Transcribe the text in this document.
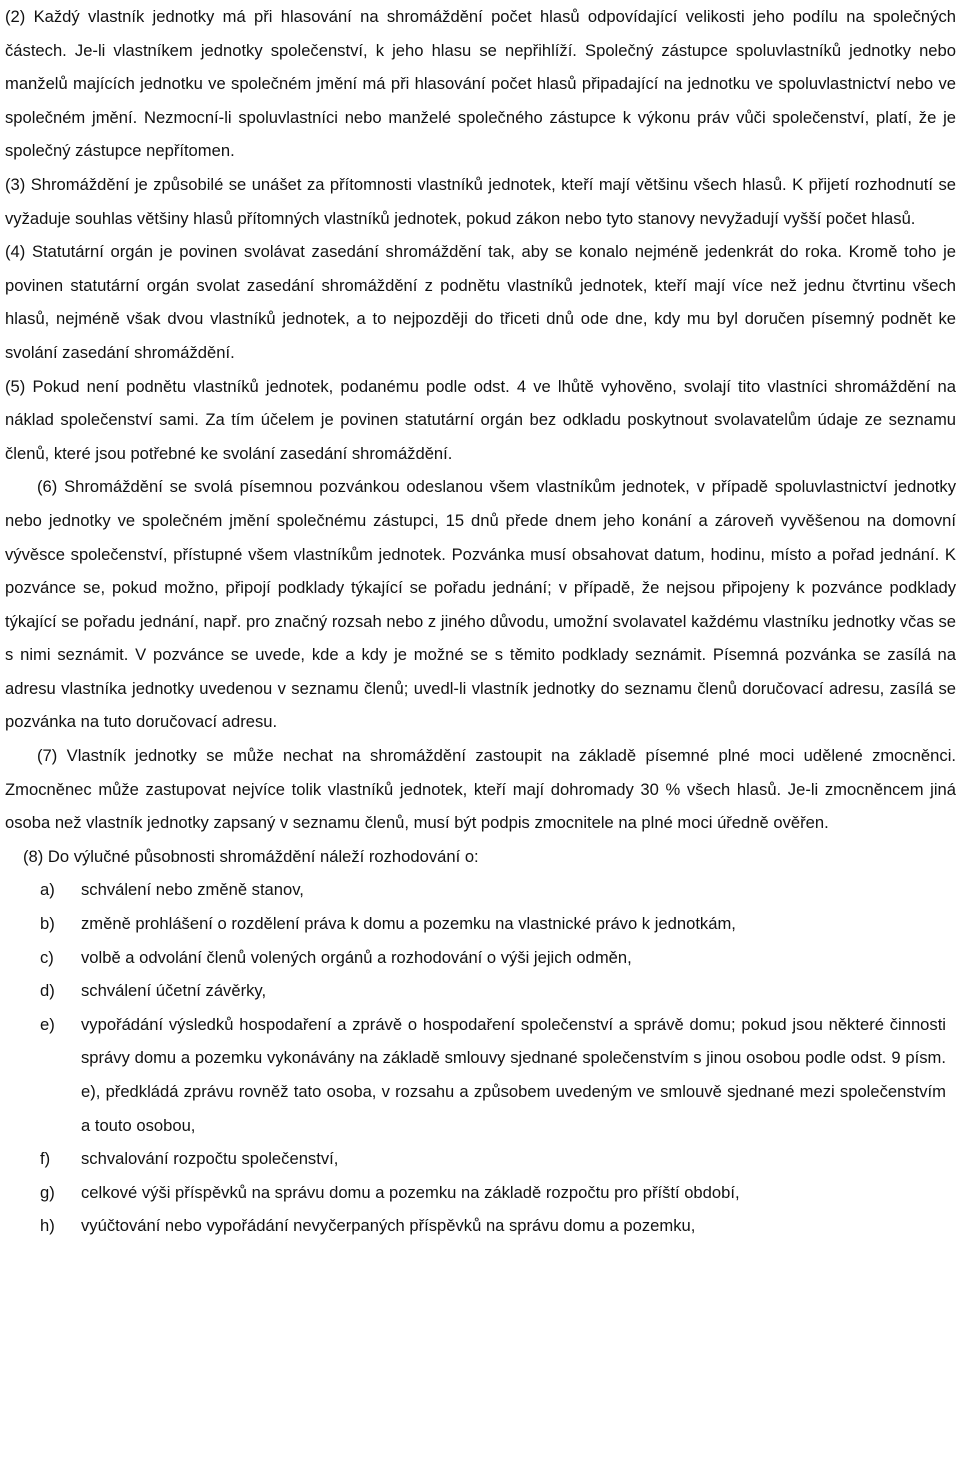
(2) Každý vlastník jednotky má při hlasování na shromáždění počet hlasů odpovídající velikosti jeho podílu na společných částech. Je-li vlastníkem jednotky společenství, k jeho hlasu se nepřihlíží. Společný zástupce spoluvlastníků jednotky nebo manželů majících jednotku ve společném jmění má při hlasování počet hlasů připadající na jednotku ve spoluvlastnictví nebo ve společném jmění. Nezmocní-li spoluvlastníci nebo manželé společného zástupce k výkonu práv vůči společenství, platí, že je společný zástupce nepřítomen.

(3) Shromáždění je způsobilé se unášet za přítomnosti vlastníků jednotek, kteří mají většinu všech hlasů. K přijetí rozhodnutí se vyžaduje souhlas většiny hlasů přítomných vlastníků jednotek, pokud zákon nebo tyto stanovy nevyžadují vyšší počet hlasů.

(4) Statutární orgán je povinen svolávat zasedání shromáždění tak, aby se konalo nejméně jedenkrát do roka. Kromě toho je povinen statutární orgán svolat zasedání shromáždění z podnětu vlastníků jednotek, kteří mají více než jednu čtvrtinu všech hlasů, nejméně však dvou vlastníků jednotek, a to nejpozději do třiceti dnů ode dne, kdy mu byl doručen písemný podnět ke svolání zasedání shromáždění.

(5) Pokud není podnětu vlastníků jednotek, podanému podle odst. 4 ve lhůtě vyhověno, svolají tito vlastníci shromáždění na náklad společenství sami. Za tím účelem je povinen statutární orgán bez odkladu poskytnout svolavatelům údaje ze seznamu členů, které jsou potřebné ke svolání zasedání shromáždění.

(6) Shromáždění se svolá písemnou pozvánkou odeslanou všem vlastníkům jednotek, v případě spoluvlastnictví jednotky nebo jednotky ve společném jmění společnému zástupci, 15 dnů přede dnem jeho konání a zároveň vyvěšenou na domovní vývěsce společenství, přístupné všem vlastníkům jednotek. Pozvánka musí obsahovat datum, hodinu, místo a pořad jednání. K pozvánce se, pokud možno, připojí podklady týkající se pořadu jednání; v případě, že nejsou připojeny k pozvánce podklady týkající se pořadu jednání, např. pro značný rozsah nebo z jiného důvodu, umožní svolavatel každému vlastníku jednotky včas se s nimi seznámit. V pozvánce se uvede, kde a kdy je možné se s těmito podklady seznámit. Písemná pozvánka se zasílá na adresu vlastníka jednotky uvedenou v seznamu členů; uvedl-li vlastník jednotky do seznamu členů doručovací adresu, zasílá se pozvánka na tuto doručovací adresu.

(7) Vlastník jednotky se může nechat na shromáždění zastoupit na základě písemné plné moci udělené zmocněnci. Zmocněnec může zastupovat nejvíce tolik vlastníků jednotek, kteří mají dohromady 30 % všech hlasů. Je-li zmocněncem jiná osoba než vlastník jednotky zapsaný v seznamu členů, musí být podpis zmocnitele na plné moci úředně ověřen.

(8) Do výlučné působnosti shromáždění náleží rozhodování o:

a) schválení nebo změně stanov,
b) změně prohlášení o rozdělení práva k domu a pozemku na vlastnické právo k jednotkám,
c) volbě a odvolání členů volených orgánů a rozhodování o výši jejich odměn,
d) schválení účetní závěrky,
e) vypořádání výsledků hospodaření a zprávě o hospodaření společenství a správě domu; pokud jsou některé činnosti správy domu a pozemku vykonávány na základě smlouvy sjednané společenstvím s jinou osobou podle odst. 9 písm. e), předkládá zprávu rovněž tato osoba, v rozsahu a způsobem uvedeným ve smlouvě sjednané mezi společenstvím a touto osobou,
f) schvalování rozpočtu společenství,
g) celkové výši příspěvků na správu domu a pozemku na základě rozpočtu pro příští období,
h) vyúčtování nebo vypořádání nevyčerpaných příspěvků na správu domu a pozemku,
